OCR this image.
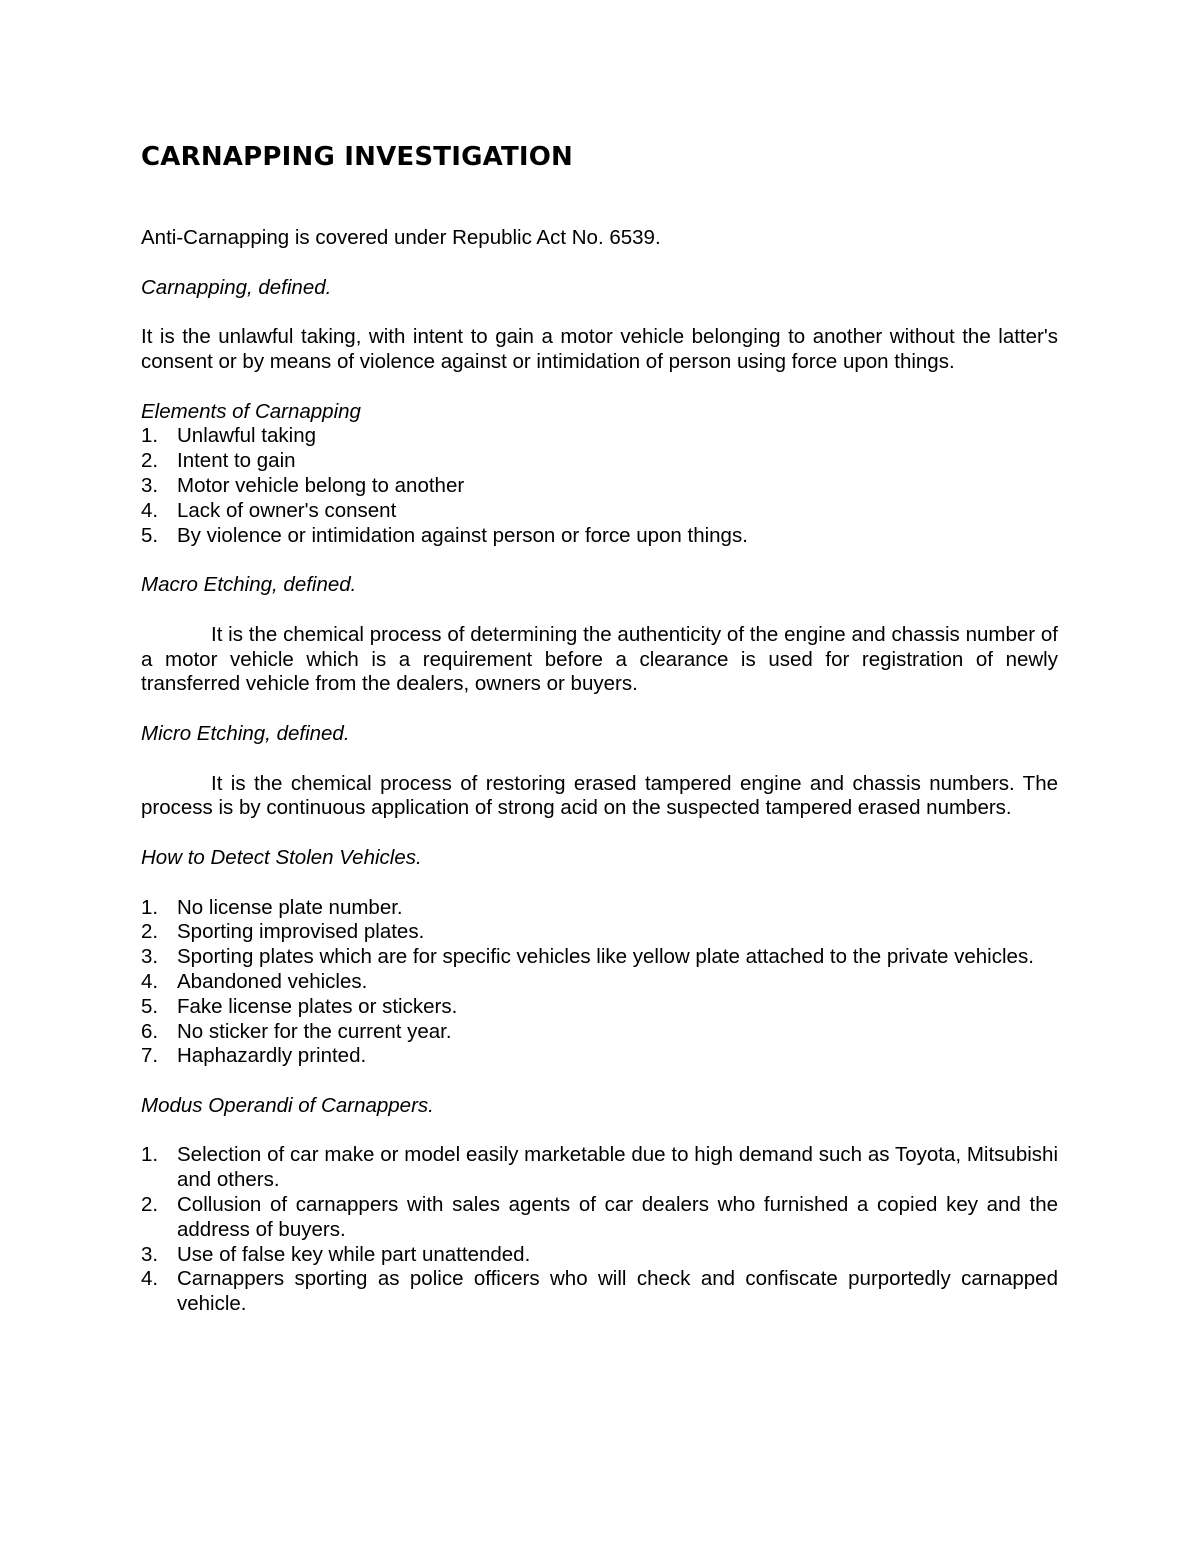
CARNAPPING INVESTIGATION

Anti-Carnapping is covered under Republic Act No. 6539.

Carnapping, defined.

It is the unlawful taking, with intent to gain a motor vehicle belonging to another without the latter's consent or by means of violence against or intimidation of person using force upon things.

Elements of Carnapping

1. Unlawful taking
2. Intent to gain
3. Motor vehicle belong to another
4. Lack of owner's consent
5. By violence or intimidation against person or force upon things.

Macro Etching, defined.

It is the chemical process of determining the authenticity of the engine and chassis number of a motor vehicle which is a requirement before a clearance is used for registration of newly transferred vehicle from the dealers, owners or buyers.

Micro Etching, defined.

It is the chemical process of restoring erased tampered engine and chassis numbers. The process is by continuous application of strong acid on the suspected tampered erased numbers.

How to Detect Stolen Vehicles.

1. No license plate number.
2. Sporting improvised plates.
3. Sporting plates which are for specific vehicles like yellow plate attached to the private vehicles.
4. Abandoned vehicles.
5. Fake license plates or stickers.
6. No sticker for the current year.
7. Haphazardly printed.

Modus Operandi of Carnappers.

1. Selection of car make or model easily marketable due to high demand such as Toyota, Mitsubishi and others.
2. Collusion of carnappers with sales agents of car dealers who furnished a copied key and the address of buyers.
3. Use of false key while part unattended.
4. Carnappers sporting as police officers who will check and confiscate purportedly carnapped vehicle.
